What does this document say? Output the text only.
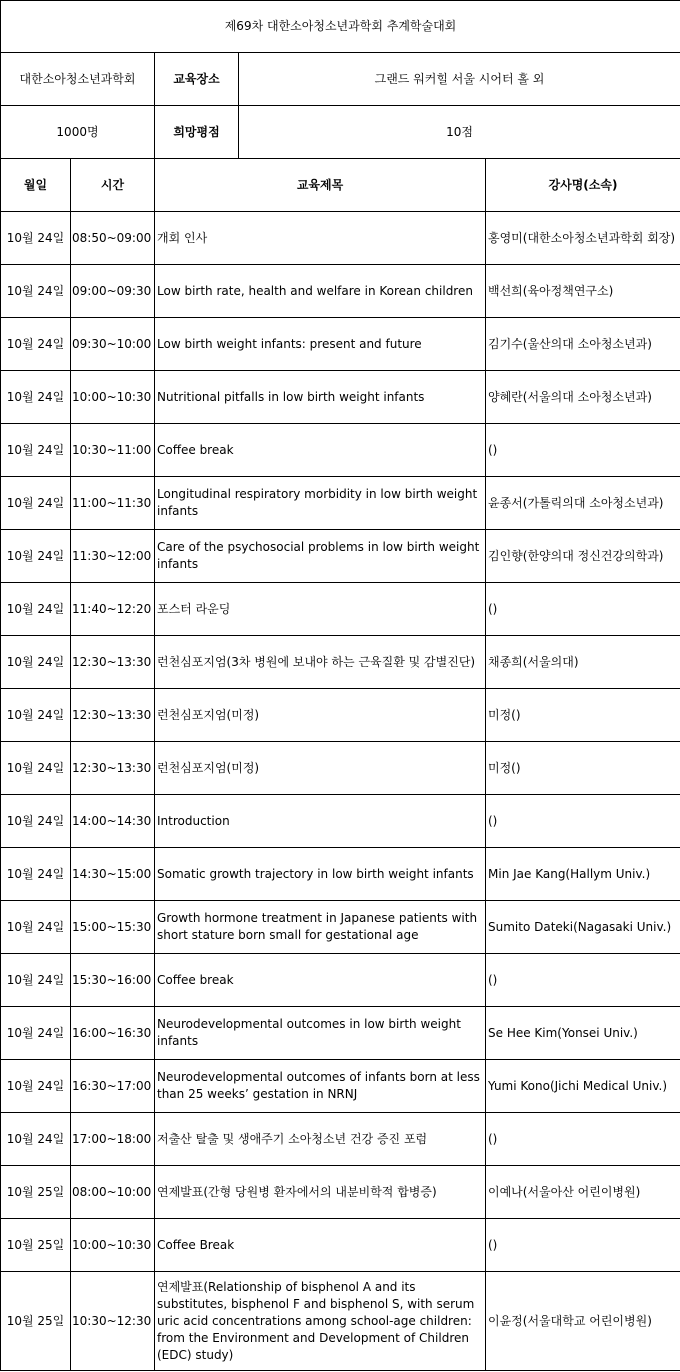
제69차 대한소아청소년과학회 추계학술대회				
대한소아청소년과학회		교육장소	그랜드 워커힐 서울 시어터 홀 외	
1000명		희망평점	10점	
월일	시간	교육제목		강사명(소속)
10월 24일	08:50~09:00	개회 인사		홍영미(대한소아청소년과학회 회장)
10월 24일	09:00~09:30	Low birth rate, health and welfare in Korean children		백선희(육아정책연구소)
10월 24일	09:30~10:00	Low birth weight infants: present and future		김기수(울산의대 소아청소년과)
10월 24일	10:00~10:30	Nutritional pitfalls in low birth weight infants		양혜란(서울의대 소아청소년과)
10월 24일	10:30~11:00	Coffee break		()
10월 24일	11:00~11:30	Longitudinal respiratory morbidity in low birth weight infants		윤종서(가톨릭의대 소아청소년과)
10월 24일	11:30~12:00	Care of the psychosocial problems in low birth weight infants		김인향(한양의대 정신건강의학과)
10월 24일	11:40~12:20	포스터 라운딩		()
10월 24일	12:30~13:30	런천심포지엄(3차 병원에 보내야 하는 근육질환 및 감별진단)		채종희(서울의대)
10월 24일	12:30~13:30	런천심포지엄(미정)		미정()
10월 24일	12:30~13:30	런천심포지엄(미정)		미정()
10월 24일	14:00~14:30	Introduction		()
10월 24일	14:30~15:00	Somatic growth trajectory in low birth weight infants		Min Jae Kang(Hallym Univ.)
10월 24일	15:00~15:30	Growth hormone treatment in Japanese patients with short stature born small for gestational age		Sumito Dateki(Nagasaki Univ.)
10월 24일	15:30~16:00	Coffee break		()
10월 24일	16:00~16:30	Neurodevelopmental outcomes in low birth weight infants		Se Hee Kim(Yonsei Univ.)
10월 24일	16:30~17:00	Neurodevelopmental outcomes of infants born at less than 25 weeks’ gestation in NRNJ		Yumi Kono(Jichi Medical Univ.)
10월 24일	17:00~18:00	저출산 탈출 및 생애주기 소아청소년 건강 증진 포럼		()
10월 25일	08:00~10:00	연제발표(간형 당원병 환자에서의 내분비학적 합병증)		이예나(서울아산 어린이병원)
10월 25일	10:00~10:30	Coffee Break		()
10월 25일	10:30~12:30	연제발표(Relationship of bisphenol A and its substitutes, bisphenol F and bisphenol S, with serum uric acid concentrations among school-age children: from the Environment and Development of Children (EDC) study)		이윤정(서울대학교 어린이병원)
